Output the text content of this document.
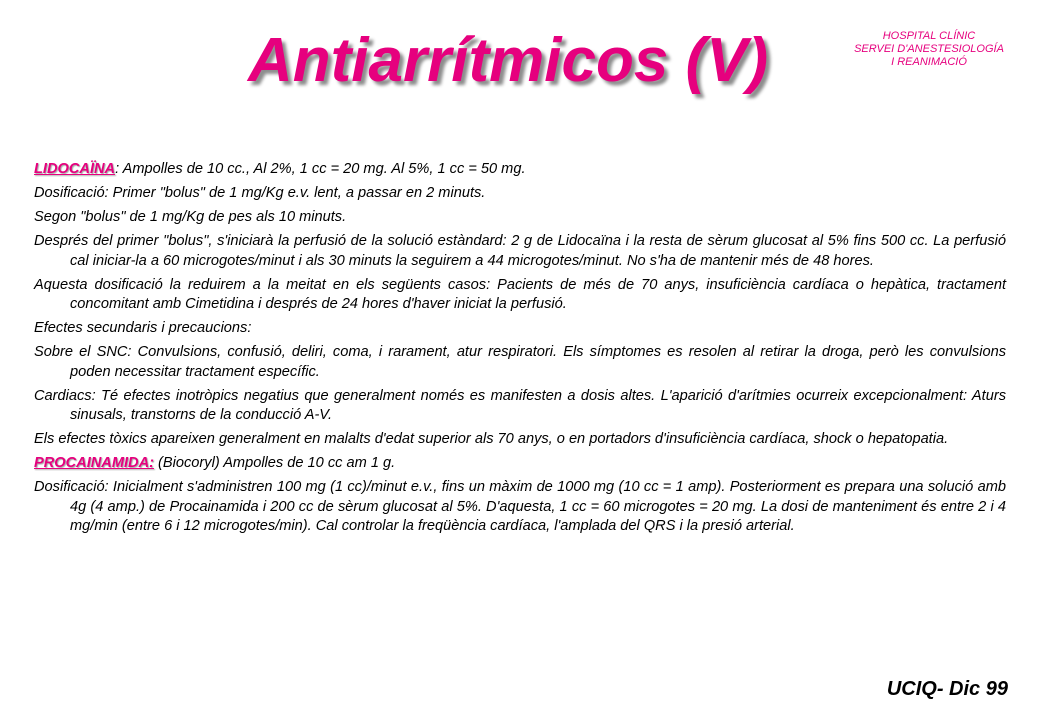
Antiarrítmicos (V)	HOSPITAL CLÍNIC
SERVEI D'ANESTESIOLOGÍA
I REANIMACIÓ

LIDOCAÏNA: Ampolles de 10 cc., Al 2%, 1 cc = 20 mg. Al 5%, 1 cc = 50 mg.

Dosificació: Primer "bolus" de 1 mg/Kg e.v. lent, a passar en 2 minuts.

Segon "bolus" de 1 mg/Kg de pes als 10 minuts.

Després del primer "bolus", s'iniciarà la perfusió de la solució estàndard: 2 g de Lidocaïna i la resta de sèrum glucosat al 5% fins 500 cc. La perfusió cal iniciar-la a 60 microgotes/minut i als 30 minuts la seguirem a 44 microgotes/minut. No s'ha de mantenir més de 48 hores.

Aquesta dosificació la reduirem a la meitat en els següents casos: Pacients de més de 70 anys, insuficiència cardíaca o hepàtica, tractament concomitant amb Cimetidina i després de 24 hores d'haver iniciat la perfusió.

Efectes secundaris i precaucions:

Sobre el SNC: Convulsions, confusió, deliri, coma, i rarament, atur respiratori. Els símptomes es resolen al retirar la droga, però les convulsions poden necessitar tractament específic.

Cardiacs: Té efectes inotròpics negatius que generalment només es manifesten a dosis altes. L'aparició d'arítmies ocurreix excepcionalment: Aturs sinusals, transtorns de la conducció A-V.

Els efectes tòxics apareixen generalment en malalts d'edat superior als 70 anys, o en portadors d'insuficiència cardíaca, shock o hepatopatia.

PROCAINAMIDA: (Biocoryl) Ampolles de 10 cc am 1 g.

Dosificació: Inicialment s'administren 100 mg (1 cc)/minut e.v., fins un màxim de 1000 mg (10 cc = 1 amp). Posteriorment es prepara una solució amb 4g (4 amp.) de Procainamida i 200 cc de sèrum glucosat al 5%. D'aquesta, 1 cc = 60 microgotes = 20 mg. La dosi de manteniment és entre 2 i 4 mg/min (entre 6 i 12 microgotes/min). Cal controlar la freqüència cardíaca, l'amplada del QRS i la presió arterial.

UCIQ- Dic 99
